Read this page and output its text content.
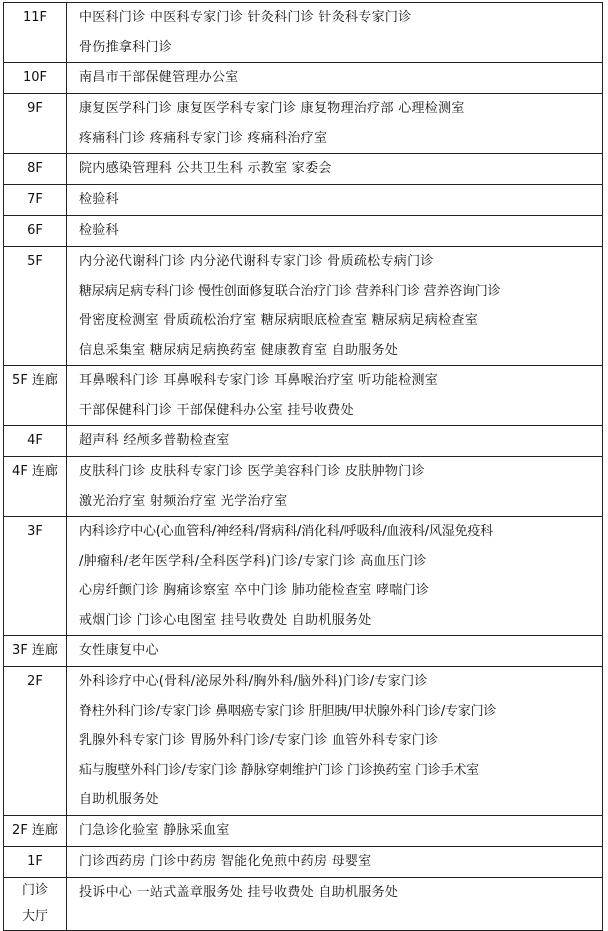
11F	中医科门诊 中医科专家门诊 针灸科门诊 针灸科专家门诊
骨伤推拿科门诊

10F	南昌市干部保健管理办公室

9F	康复医学科门诊 康复医学科专家门诊 康复物理治疗部 心理检测室
疼痛科门诊 疼痛科专家门诊 疼痛科治疗室

8F	院内感染管理科 公共卫生科 示教室 家委会

7F	检验科

6F	检验科

5F	内分泌代谢科门诊 内分泌代谢科专家门诊 骨质疏松专病门诊
糖尿病足病专科门诊 慢性创面修复联合治疗门诊 营养科门诊 营养咨询门诊
骨密度检测室 骨质疏松治疗室 糖尿病眼底检查室 糖尿病足病检查室
信息采集室 糖尿病足病换药室 健康教育室 自助服务处

5F 连廊	耳鼻喉科门诊 耳鼻喉科专家门诊 耳鼻喉治疗室 听功能检测室
干部保健科门诊 干部保健科办公室 挂号收费处

4F	超声科 经颅多普勒检查室

4F 连廊	皮肤科门诊 皮肤科专家门诊 医学美容科门诊 皮肤肿物门诊
激光治疗室 射频治疗室 光学治疗室

3F	内科诊疗中心(心血管科/神经科/肾病科/消化科/呼吸科/血液科/风湿免疫科
/肿瘤科/老年医学科/全科医学科)门诊/专家门诊 高血压门诊
心房纤颤门诊 胸痛诊察室 卒中门诊 肺功能检查室 哮喘门诊
戒烟门诊 门诊心电图室 挂号收费处 自助机服务处

3F 连廊	女性康复中心

2F	外科诊疗中心(骨科/泌尿外科/胸外科/脑外科)门诊/专家门诊
脊柱外科门诊/专家门诊 鼻咽癌专家门诊 肝胆胰/甲状腺外科门诊/专家门诊
乳腺外科专家门诊 胃肠外科门诊/专家门诊 血管外科专家门诊
疝与腹壁外科门诊/专家门诊 静脉穿刺维护门诊 门诊换药室 门诊手术室
自助机服务处

2F 连廊	门急诊化验室 静脉采血室

1F	门诊西药房 门诊中药房 智能化免煎中药房 母婴室

门诊
大厅	投诉中心 一站式盖章服务处 挂号收费处 自助机服务处
